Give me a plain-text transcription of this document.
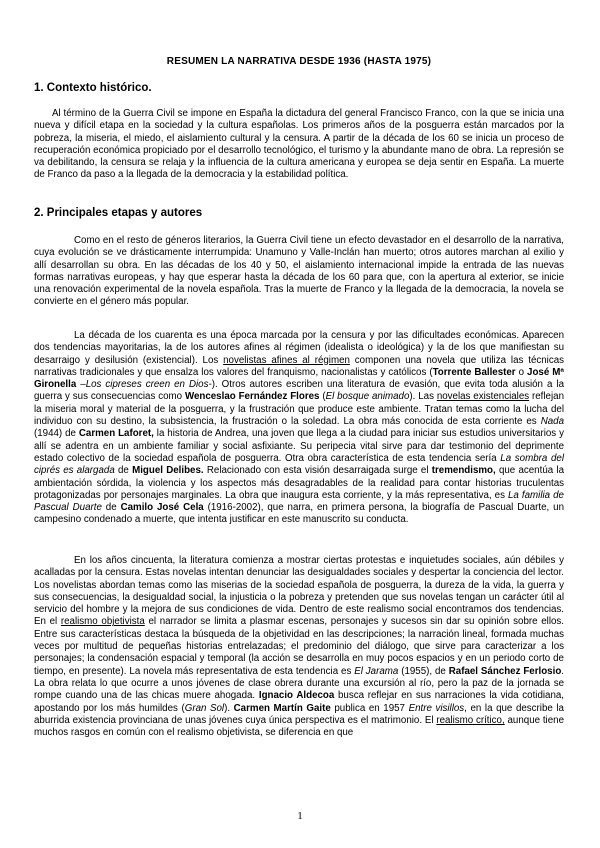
RESUMEN LA NARRATIVA DESDE 1936 (HASTA 1975)
1. Contexto histórico.

Al término de la Guerra Civil se impone en España la dictadura del general Francisco Franco, con la que se inicia una nueva y difícil etapa en la sociedad y la cultura españolas. Los primeros años de la posguerra están marcados por la pobreza, la miseria, el miedo, el aislamiento cultural y la censura. A partir de la década de los 60 se inicia un proceso de recuperación económica propiciado por el desarrollo tecnológico, el turismo y la abundante mano de obra. La represión se va debilitando, la censura se relaja y la influencia de la cultura americana y europea se deja sentir en España. La muerte de Franco da paso a la llegada de la democracia y la estabilidad política.

2. Principales etapas y autores

Como en el resto de géneros literarios, la Guerra Civil tiene un efecto devastador en el desarrollo de la narrativa, cuya evolución se ve drásticamente interrumpida: Unamuno y Valle-Inclán han muerto; otros autores marchan al exilio y allí desarrollan su obra. En las décadas de los 40 y 50, el aislamiento internacional impide la entrada de las nuevas formas narrativas europeas, y hay que esperar hasta la década de los 60 para que, con la apertura al exterior, se inicie una renovación experimental de la novela española. Tras la muerte de Franco y la llegada de la democracia, la novela se convierte en el género más popular.

La década de los cuarenta es una época marcada por la censura y por las dificultades económicas. Aparecen dos tendencias mayoritarias, la de los autores afines al régimen (idealista o ideológica) y la de los que manifiestan su desarraigo y desilusión (existencial). Los novelistas afines al régimen componen una novela que utiliza las técnicas narrativas tradicionales y que ensalza los valores del franquismo, nacionalistas y católicos (Torrente Ballester o José Mª Gironella –Los cipreses creen en Dios-). Otros autores escriben una literatura de evasión, que evita toda alusión a la guerra y sus consecuencias como Wenceslao Fernández Flores (El bosque animado). Las novelas existenciales reflejan la miseria moral y material de la posguerra, y la frustración que produce este ambiente. Tratan temas como la lucha del individuo con su destino, la subsistencia, la frustración o la soledad. La obra más conocida de esta corriente es Nada (1944) de Carmen Laforet, la historia de Andrea, una joven que llega a la ciudad para iniciar sus estudios universitarios y allí se adentra en un ambiente familiar y social asfixiante. Su peripecia vital sirve para dar testimonio del deprimente estado colectivo de la sociedad española de posguerra. Otra obra característica de esta tendencia sería La sombra del ciprés es alargada de Miguel Delibes. Relacionado con esta visión desarraigada surge el tremendismo, que acentúa la ambientación sórdida, la violencia y los aspectos más desagradables de la realidad para contar historias truculentas protagonizadas por personajes marginales. La obra que inaugura esta corriente, y la más representativa, es La familia de Pascual Duarte de Camilo José Cela (1916-2002), que narra, en primera persona, la biografía de Pascual Duarte, un campesino condenado a muerte, que intenta justificar en este manuscrito su conducta.

En los años cincuenta, la literatura comienza a mostrar ciertas protestas e inquietudes sociales, aún débiles y acalladas por la censura. Estas novelas intentan denunciar las desigualdades sociales y despertar la conciencia del lector. Los novelistas abordan temas como las miserias de la sociedad española de posguerra, la dureza de la vida, la guerra y sus consecuencias, la desigualdad social, la injusticia o la pobreza y pretenden que sus novelas tengan un carácter útil al servicio del hombre y la mejora de sus condiciones de vida. Dentro de este realismo social encontramos dos tendencias. En el realismo objetivista el narrador se limita a plasmar escenas, personajes y sucesos sin dar su opinión sobre ellos. Entre sus características destaca la búsqueda de la objetividad en las descripciones; la narración lineal, formada muchas veces por multitud de pequeñas historias entrelazadas; el predominio del diálogo, que sirve para caracterizar a los personajes; la condensación espacial y temporal (la acción se desarrolla en muy pocos espacios y en un periodo corto de tiempo, en presente). La novela más representativa de esta tendencia es El Jarama (1955), de Rafael Sánchez Ferlosio. La obra relata lo que ocurre a unos jóvenes de clase obrera durante una excursión al río, pero la paz de la jornada se rompe cuando una de las chicas muere ahogada. Ignacio Aldecoa busca reflejar en sus narraciones la vida cotidiana, apostando por los más humildes (Gran Sol). Carmen Martín Gaite publica en 1957 Entre visillos, en la que describe la aburrida existencia provinciana de unas jóvenes cuya única perspectiva es el matrimonio. El realismo crítico, aunque tiene muchos rasgos en común con el realismo objetivista, se diferencia en que

1
